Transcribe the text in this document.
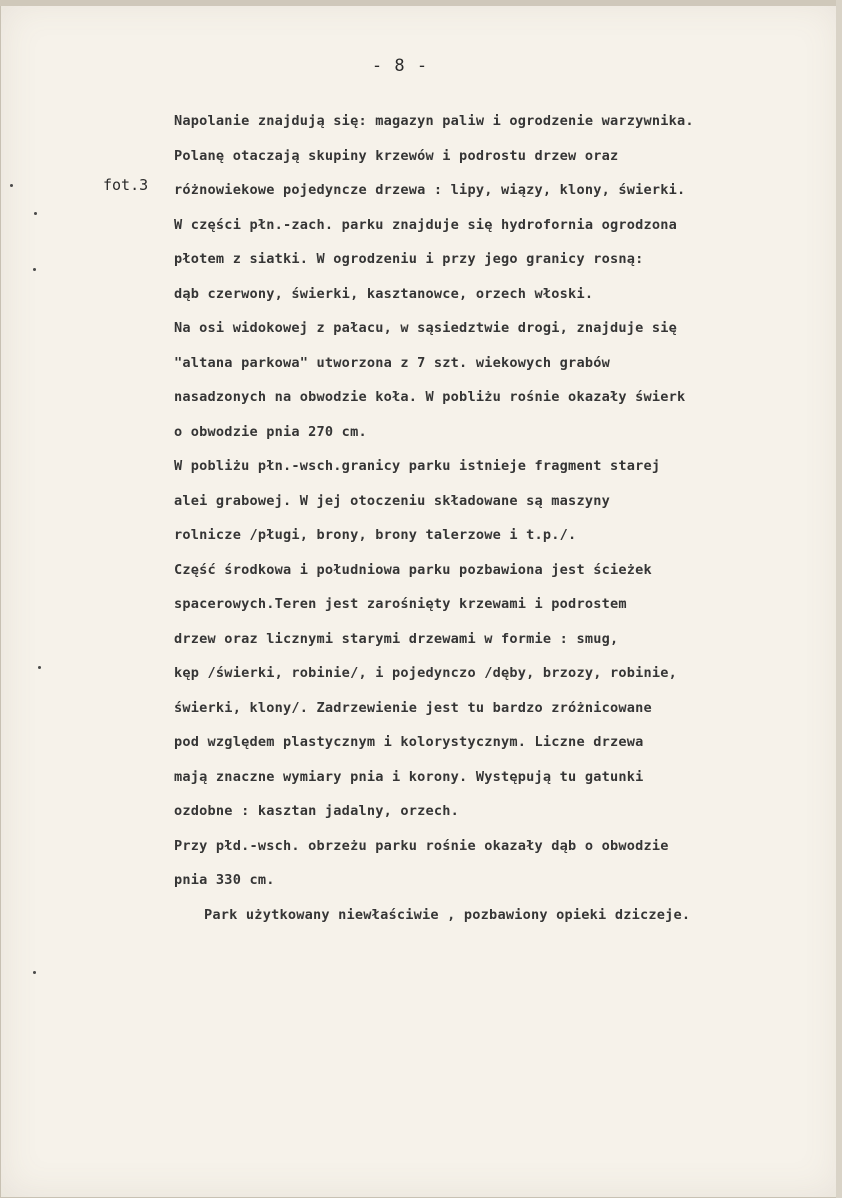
- 8 -
fot.3
Napolanie znajdują się: magazyn paliw i ogrodzenie warzywnika.
Polanę otaczają skupiny krzewów i podrostu drzew oraz
różnowiekowe pojedyncze drzewa : lipy, wiązy, klony, świerki.
W części płn.-zach. parku znajduje się hydrofornia ogrodzona
płotem z siatki. W ogrodzeniu i przy jego granicy rosną:
dąb czerwony, świerki, kasztanowce, orzech włoski.
Na osi widokowej z pałacu, w sąsiedztwie drogi, znajduje się
"altana parkowa" utworzona z 7 szt. wiekowych grabów
nasadzonych na obwodzie koła. W pobliżu rośnie okazały świerk
o obwodzie pnia 270 cm.
W pobliżu płn.-wsch.granicy parku istnieje fragment starej
alei grabowej. W jej otoczeniu składowane są maszyny
rolnicze /pługi, brony, brony talerzowe i t.p./.
Część środkowa i południowa parku pozbawiona jest ścieżek
spacerowych.Teren jest zarośnięty krzewami i podrostem
drzew oraz licznymi starymi drzewami w formie : smug,
kęp /świerki, robinie/, i pojedynczo /dęby, brzozy, robinie,
świerki, klony/. Zadrzewienie jest tu bardzo zróżnicowane
pod względem plastycznym i kolorystycznym. Liczne drzewa
mają znaczne wymiary pnia i korony. Występują tu gatunki
ozdobne : kasztan jadalny, orzech.
Przy płd.-wsch. obrzeżu parku rośnie okazały dąb o obwodzie
pnia 330 cm.
Park użytkowany niewłaściwie , pozbawiony opieki dziczeje.
